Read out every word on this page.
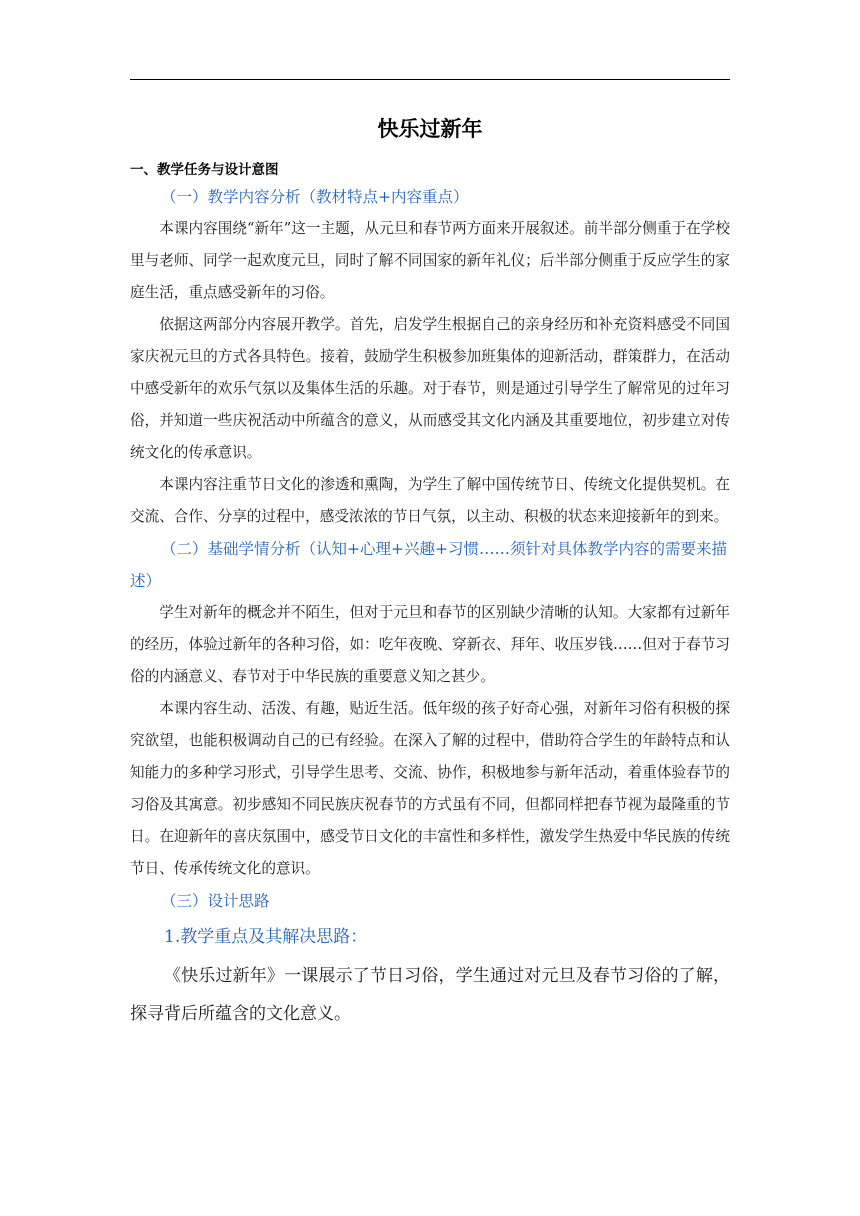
快乐过新年
一、教学任务与设计意图

（一）教学内容分析（教材特点+内容重点）

本课内容围绕“新年”这一主题，从元旦和春节两方面来开展叙述。前半部分侧重于在学校里与老师、同学一起欢度元旦，同时了解不同国家的新年礼仪；后半部分侧重于反应学生的家庭生活，重点感受新年的习俗。

依据这两部分内容展开教学。首先，启发学生根据自己的亲身经历和补充资料感受不同国家庆祝元旦的方式各具特色。接着，鼓励学生积极参加班集体的迎新活动，群策群力，在活动中感受新年的欢乐气氛以及集体生活的乐趣。对于春节，则是通过引导学生了解常见的过年习俗，并知道一些庆祝活动中所蕴含的意义，从而感受其文化内涵及其重要地位，初步建立对传统文化的传承意识。

本课内容注重节日文化的渗透和熏陶，为学生了解中国传统节日、传统文化提供契机。在交流、合作、分享的过程中，感受浓浓的节日气氛，以主动、积极的状态来迎接新年的到来。

（二）基础学情分析（认知+心理+兴趣+习惯……须针对具体教学内容的需要来描述）

学生对新年的概念并不陌生，但对于元旦和春节的区别缺少清晰的认知。大家都有过新年的经历，体验过新年的各种习俗，如：吃年夜晚、穿新衣、拜年、收压岁钱……但对于春节习俗的内涵意义、春节对于中华民族的重要意义知之甚少。

本课内容生动、活泼、有趣，贴近生活。低年级的孩子好奇心强，对新年习俗有积极的探究欲望，也能积极调动自己的已有经验。在深入了解的过程中，借助符合学生的年龄特点和认知能力的多种学习形式，引导学生思考、交流、协作，积极地参与新年活动，着重体验春节的习俗及其寓意。初步感知不同民族庆祝春节的方式虽有不同，但都同样把春节视为最隆重的节日。在迎新年的喜庆氛围中，感受节日文化的丰富性和多样性，激发学生热爱中华民族的传统节日、传承传统文化的意识。

（三）设计思路

1.教学重点及其解决思路：

《快乐过新年》一课展示了节日习俗，学生通过对元旦及春节习俗的了解，探寻背后所蕴含的文化意义。
